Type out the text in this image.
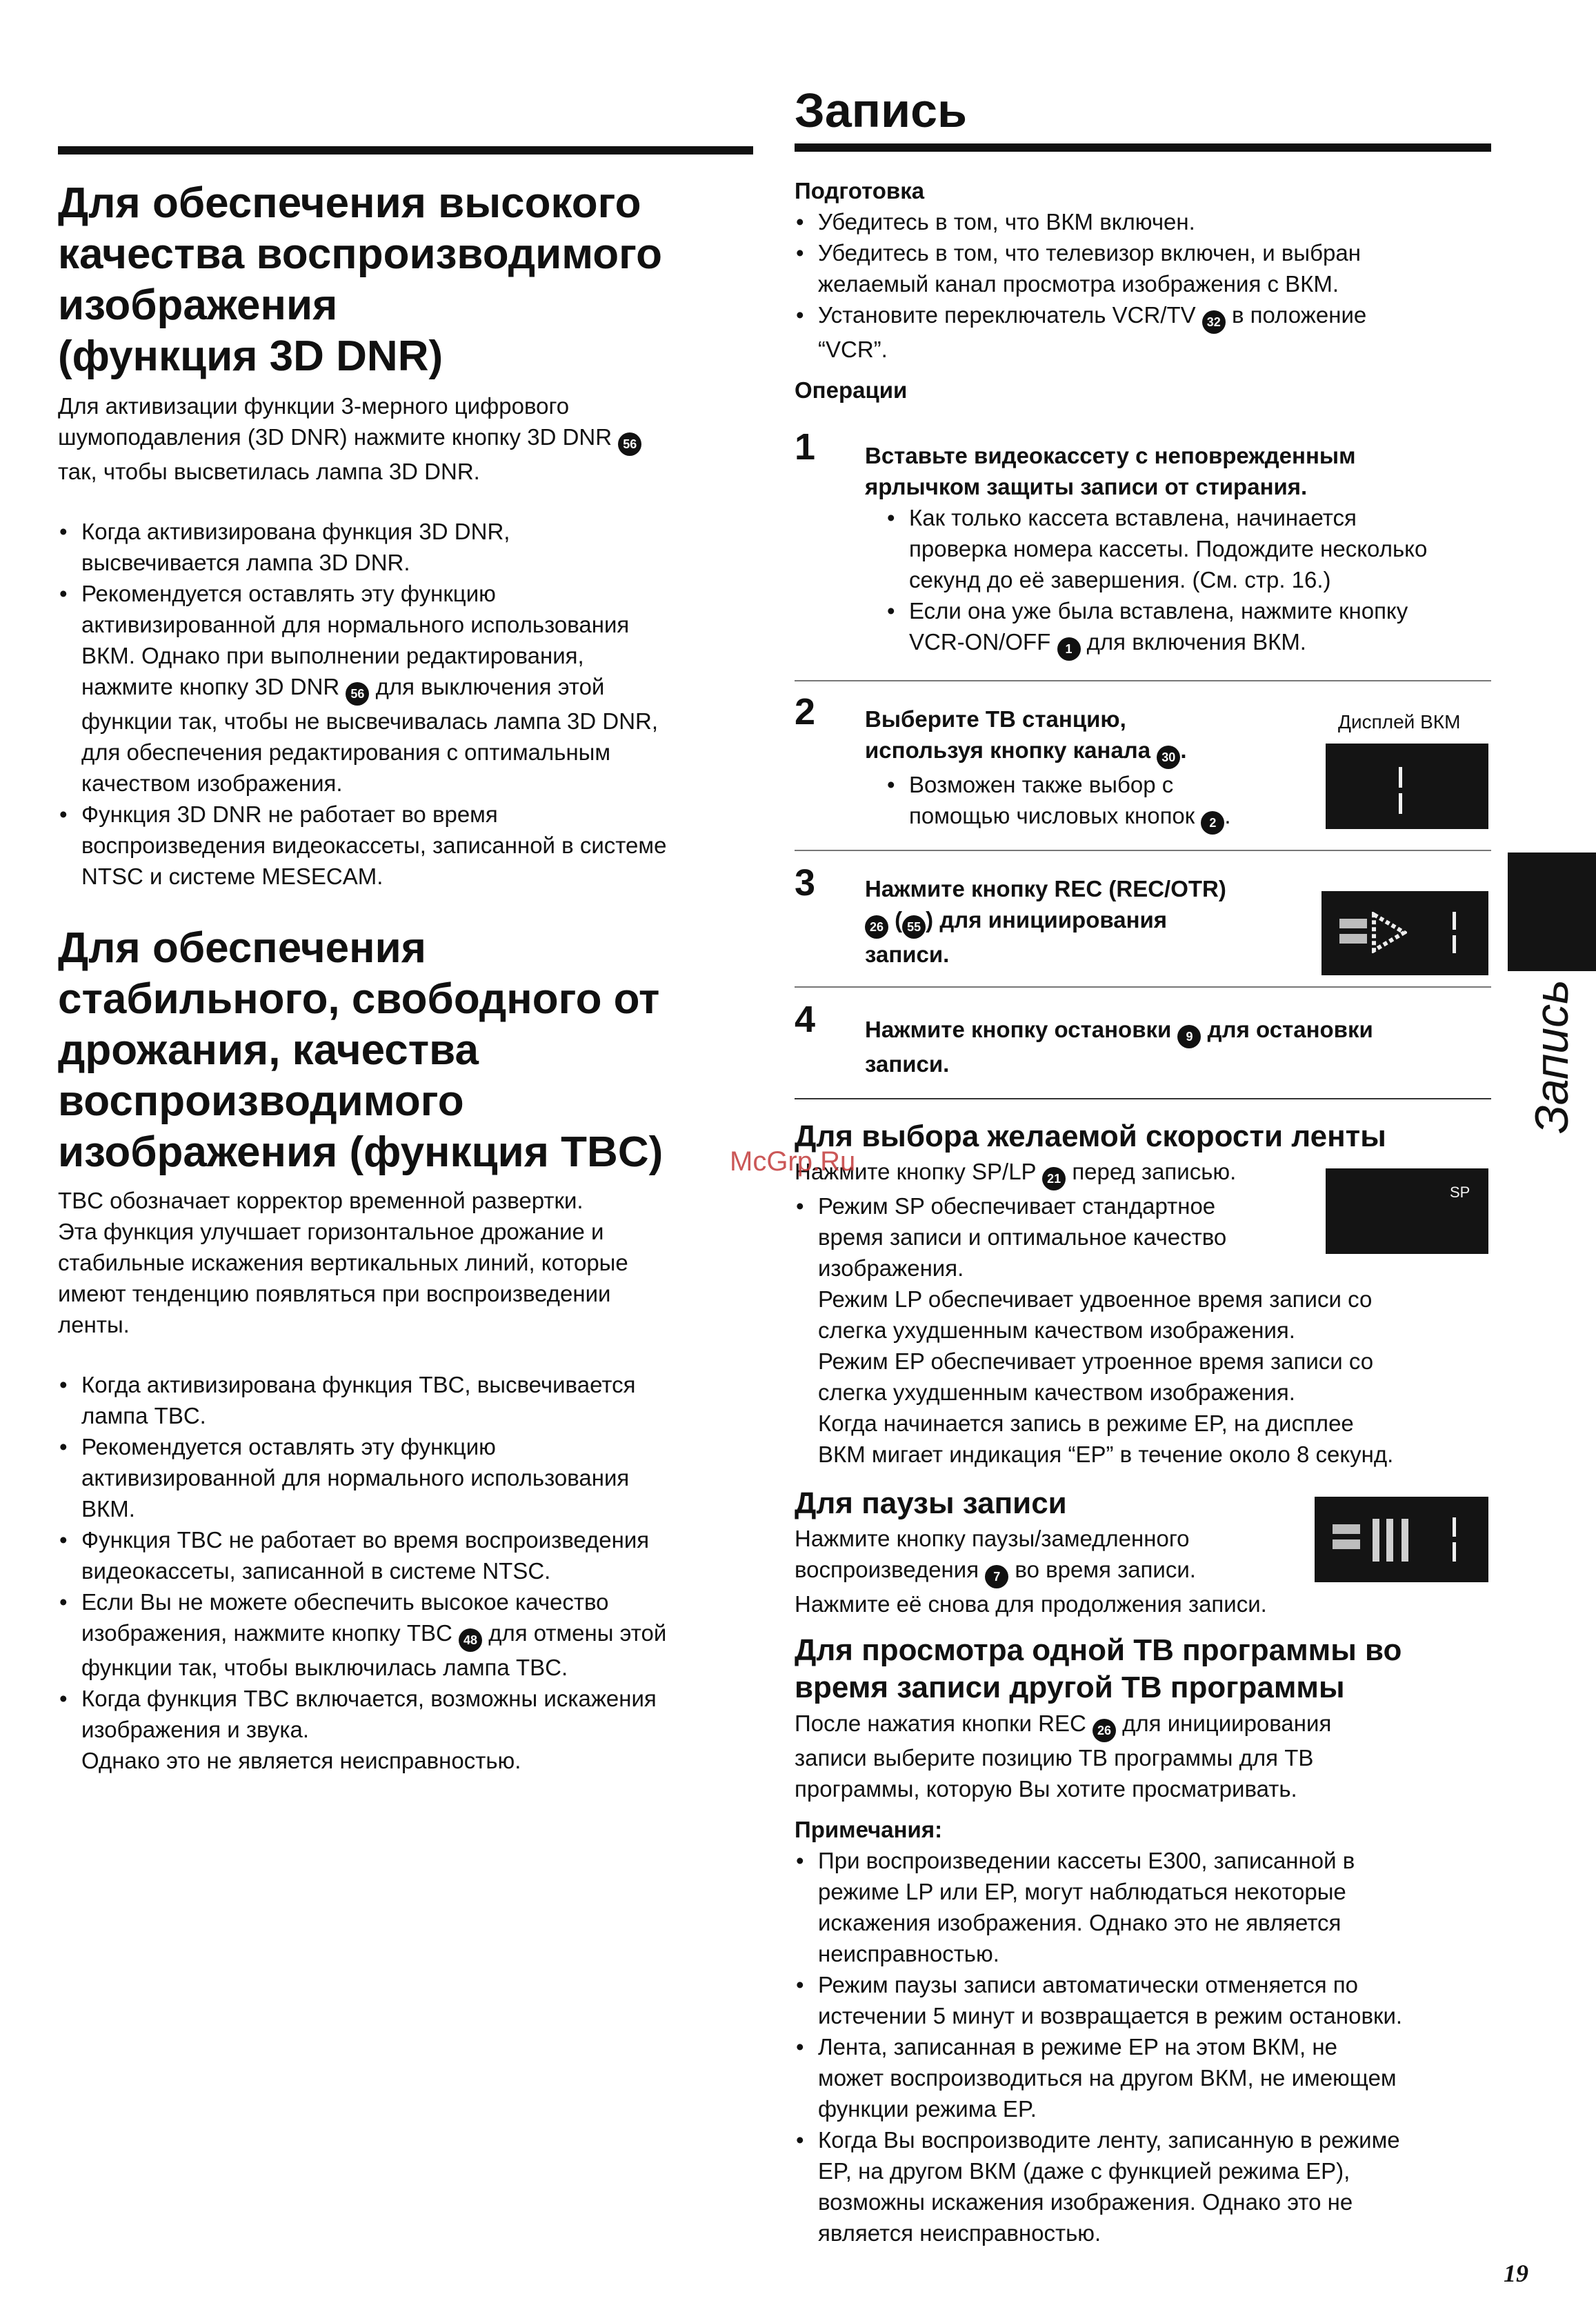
Запись
Для обеспечения высокого
качества воспроизводимого
изображения
(функция 3D DNR)
Для активизации функции 3-мерного цифрового
шумоподавления (3D DNR) нажмите кнопку 3D DNR 56
так, чтобы высветилась лампа 3D DNR.
• Когда активизирована функция 3D DNR,
высвечивается лампа 3D DNR.
• Рекомендуется оставлять эту функцию
активизированной для нормального использования
ВКМ. Однако при выполнении редактирования,
нажмите кнопку 3D DNR 56 для выключения этой
функции так, чтобы не высвечивалась лампа 3D DNR,
для обеспечения редактирования с оптимальным
качеством изображения.
• Функция 3D DNR не работает во время
воспроизведения видеокассеты, записанной в системе
NTSC и системе MESECAM.
Для обеспечения
стабильного, свободного от
дрожания, качества
воспроизводимого
изображения (функция TBC)
TBC обозначает корректор временной развертки.
Эта функция улучшает горизонтальное дрожание и
стабильные искажения вертикальных линий, которые
имеют тенденцию появляться при воспроизведении
ленты.
• Когда активизирована функция TBC, высвечивается
лампа TBC.
• Рекомендуется оставлять эту функцию
активизированной для нормального использования
ВКМ.
• Функция TBC не работает во время воспроизведения
видеокассеты, записанной в системе NTSC.
• Если Вы не можете обеспечить высокое качество
изображения, нажмите кнопку TBC 48 для отмены этой
функции так, чтобы выключилась лампа TBC.
• Когда функция TBC включается, возможны искажения
изображения и звука.
Однако это не является неисправностью.
Подготовка
• Убедитесь в том, что ВКМ включен.
• Убедитесь в том, что телевизор включен, и выбран
желаемый канал просмотра изображения с ВКМ.
• Установите переключатель VCR/TV 32 в положение
“VCR”.
Операции
1 Вставьте видеокассету с неповрежденным
ярлычком защиты записи от стирания.
• Как только кассета вставлена, начинается
проверка номера кассеты. Подождите несколько
секунд до её завершения. (См. стр. 16.)
• Если она уже была вставлена, нажмите кнопку
VCR-ON/OFF 1 для включения ВКМ.
2 Выберите ТВ станцию,
используя кнопку канала 30 .
• Возможен также выбор с
помощью числовых кнопок 2 .
Дисплей ВКМ
3 Нажмите кнопку REC (REC/OTR)
26 ( 55 ) для инициирования
записи.
4 Нажмите кнопку остановки 9 для остановки
записи.
Для выбора желаемой скорости ленты
Нажмите кнопку SP/LP 21 перед записью.
• Режим SP обеспечивает стандартное
время записи и оптимальное качество
изображения.
Режим LP обеспечивает удвоенное время записи со
слегка ухудшенным качеством изображения.
Режим EP обеспечивает утроенное время записи со
слегка ухудшенным качеством изображения.
Когда начинается запись в режиме EP, на дисплее
ВКМ мигает индикация “EP” в течение около 8 секунд.
SP
Для паузы записи
Нажмите кнопку паузы/замедленного
воспроизведения 7 во время записи.
Нажмите её снова для продолжения записи.
Для просмотра одной ТВ программы во
время записи другой ТВ программы
После нажатия кнопки REC 26 для инициирования
записи выберите позицию ТВ программы для ТВ
программы, которую Вы хотите просматривать.
Примечания:
• При воспроизведении кассеты E300, записанной в
режиме LP или EP, могут наблюдаться некоторые
искажения изображения. Однако это не является
неисправностью.
• Режим паузы записи автоматически отменяется по
истечении 5 минут и возвращается в режим остановки.
• Лента, записанная в режиме EP на этом ВКМ, не
может воспроизводиться на другом ВКМ, не имеющем
функции режима EP.
• Когда Вы воспроизводите ленту, записанную в режиме
EP, на другом ВКМ (даже с функцией режима EP),
возможны искажения изображения. Однако это не
является неисправностью.
Запись
McGrp.Ru
19
